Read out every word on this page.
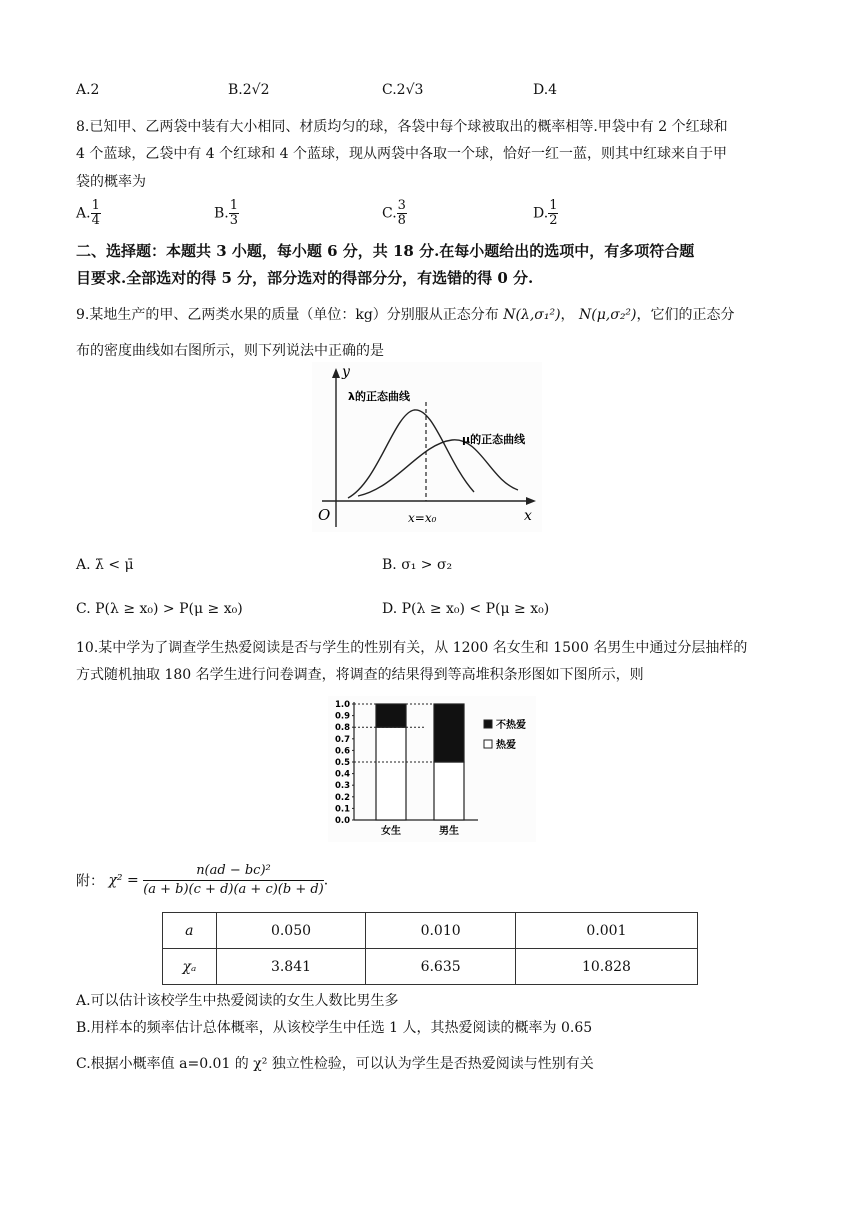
A.2	B.2√2	C.2√3	D.4
8.已知甲、乙两袋中装有大小相同、材质均匀的球，各袋中每个球被取出的概率相等.甲袋中有 2 个红球和
4 个蓝球，乙袋中有 4 个红球和 4 个蓝球，现从两袋中各取一个球，恰好一红一蓝，则其中红球来自于甲
袋的概率为
A. $\frac{1}{4}$	B. $\frac{1}{3}$	C. $\frac{3}{8}$	D. $\frac{1}{2}$
二、选择题：本题共 3 小题，每小题 6 分，共 18 分.在每小题给出的选项中，有多项符合题
目要求.全部选对的得 5 分，部分选对的得部分分，有选错的得 0 分.
9.某地生产的甲、乙两类水果的质量（单位：kg）分别服从正态分布 N(λ,σ₁²)， N(μ,σ₂²)，它们的正态分
布的密度曲线如右图所示，则下列说法中正确的是
y
x
O
λ的正态曲线
μ的正态曲线
x=x₀
A. λ̄ < μ̄	B. σ₁ > σ₂
C. P(λ ≥ x₀) > P(μ ≥ x₀)	D. P(λ ≥ x₀) < P(μ ≥ x₀)
10.某中学为了调查学生热爱阅读是否与学生的性别有关，从 1200 名女生和 1500 名男生中通过分层抽样的
方式随机抽取 180 名学生进行问卷调查，将调查的结果得到等高堆积条形图如下图所示，则
0.0
0.1
0.2
0.3
0.4
0.5
0.6
0.7
0.8
0.9
1.0
女生	男生
不热爱
热爱
附： $\chi^2 = \frac{\text{n(ad − bc)²}}{(a + b)(c + d)(a + c)(b + d)}$ .
a	0.050	0.010	0.001
χₐ	3.841	6.635	10.828
A.可以估计该校学生中热爱阅读的女生人数比男生多
B.用样本的频率估计总体概率，从该校学生中任选 1 人，其热爱阅读的概率为 0.65
C.根据小概率值 a=0.01 的 χ² 独立性检验，可以认为学生是否热爱阅读与性别有关
